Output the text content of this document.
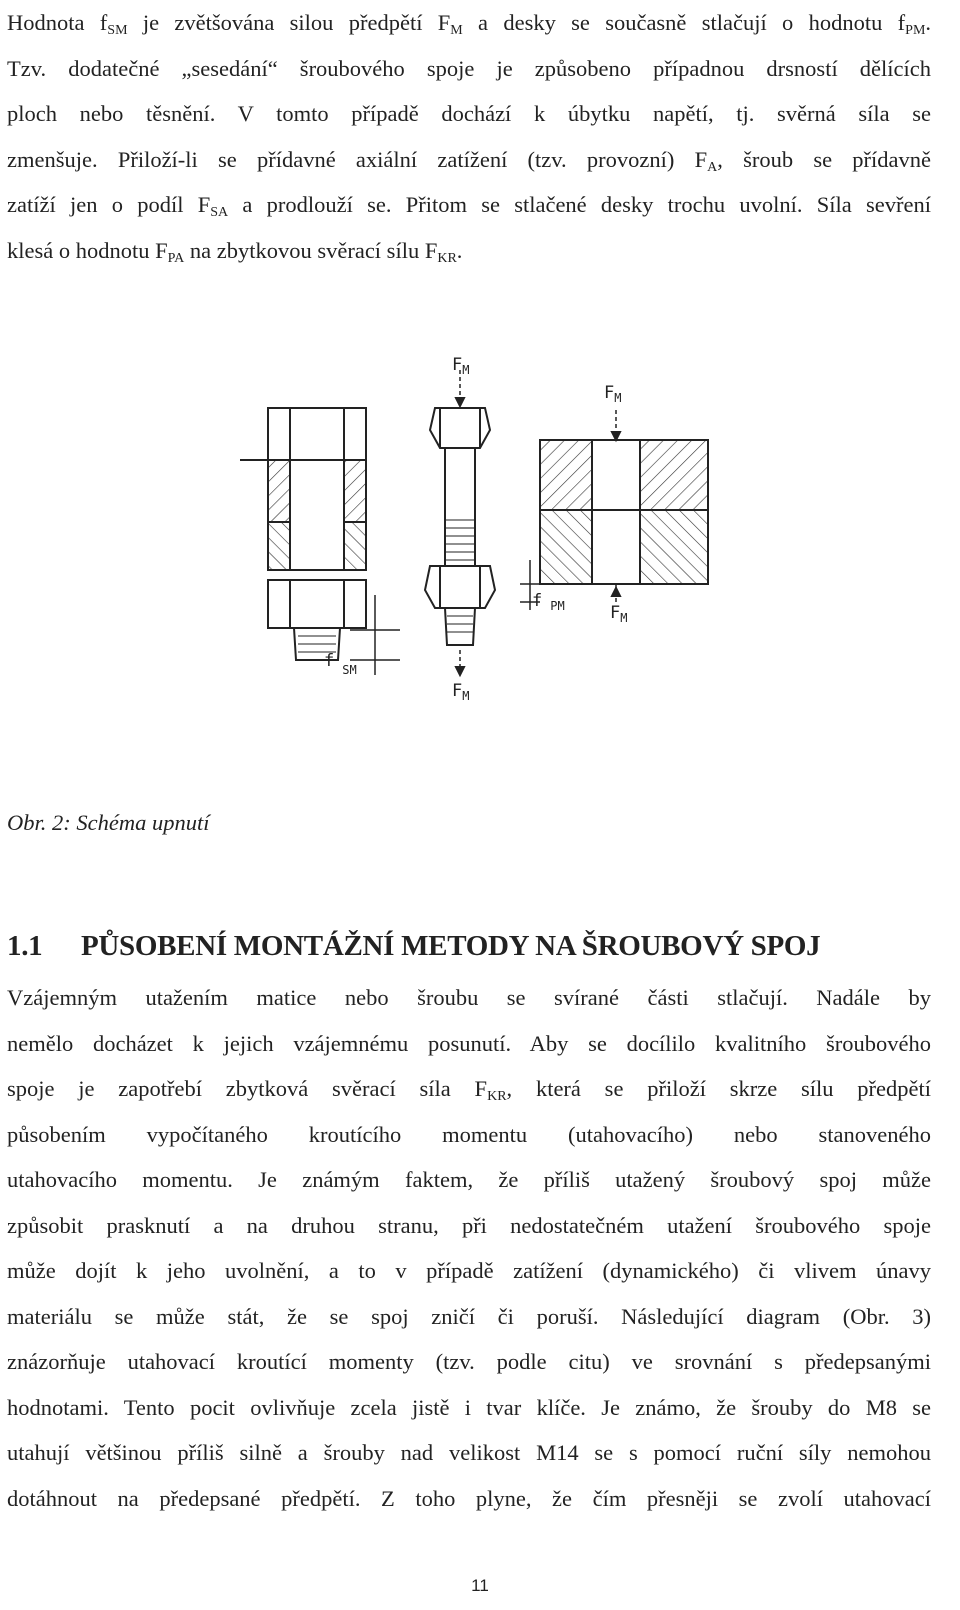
Hodnota $f_{SM}$ je zvětšována silou předpětí $F_M$ a desky se současně stlačují o hodnotu $f_{PM}$.
Tzv. dodatečné „sesedání“ šroubového spoje je způsobeno případnou drsností dělících
ploch nebo těsnění. V tomto případě dochází k úbytku napětí, tj. svěrná síla se
zmenšuje. Přiloží-li se přídavné axiální zatížení (tzv. provozní) $F_A$, šroub se přídavně
zatíží jen o podíl $F_{SA}$ a prodlouží se. Přitom se stlačené desky trochu uvolní. Síla sevření
klesá o hodnotu $F_{PA}$ na zbytkovou svěrací sílu $F_{KR}$.
$F_M$
$F_M$
f $_{PM}$	$F_M$
f $_{SM}$
$F_M$

Obr. 2: Schéma upnutí

1.1 PŮSOBENÍ MONTÁŽNÍ METODY NA ŠROUBOVÝ SPOJ
Vzájemným utažením matice nebo šroubu se svírané části stlačují. Nadále by
nemělo docházet k jejich vzájemnému posunutí. Aby se docílilo kvalitního šroubového
spoje je zapotřebí zbytková svěrací síla $F_{KR}$, která se přiloží skrze sílu předpětí
působením vypočítaného kroutícího momentu (utahovacího) nebo stanoveného
utahovacího momentu. Je známým faktem, že příliš utažený šroubový spoj může
způsobit prasknutí a na druhou stranu, při nedostatečném utažení šroubového spoje
může dojít k jeho uvolnění, a to v případě zatížení (dynamického) či vlivem únavy
materiálu se může stát, že se spoj zničí či poruší. Následující diagram (Obr. 3)
znázorňuje utahovací kroutící momenty (tzv. podle citu) ve srovnání s předepsanými
hodnotami. Tento pocit ovlivňuje zcela jistě i tvar klíče. Je známo, že šrouby do M8 se
utahují většinou příliš silně a šrouby nad velikost M14 se s pomocí ruční síly nemohou
dotáhnout na předepsané předpětí. Z toho plyne, že čím přesněji se zvolí utahovací
11
